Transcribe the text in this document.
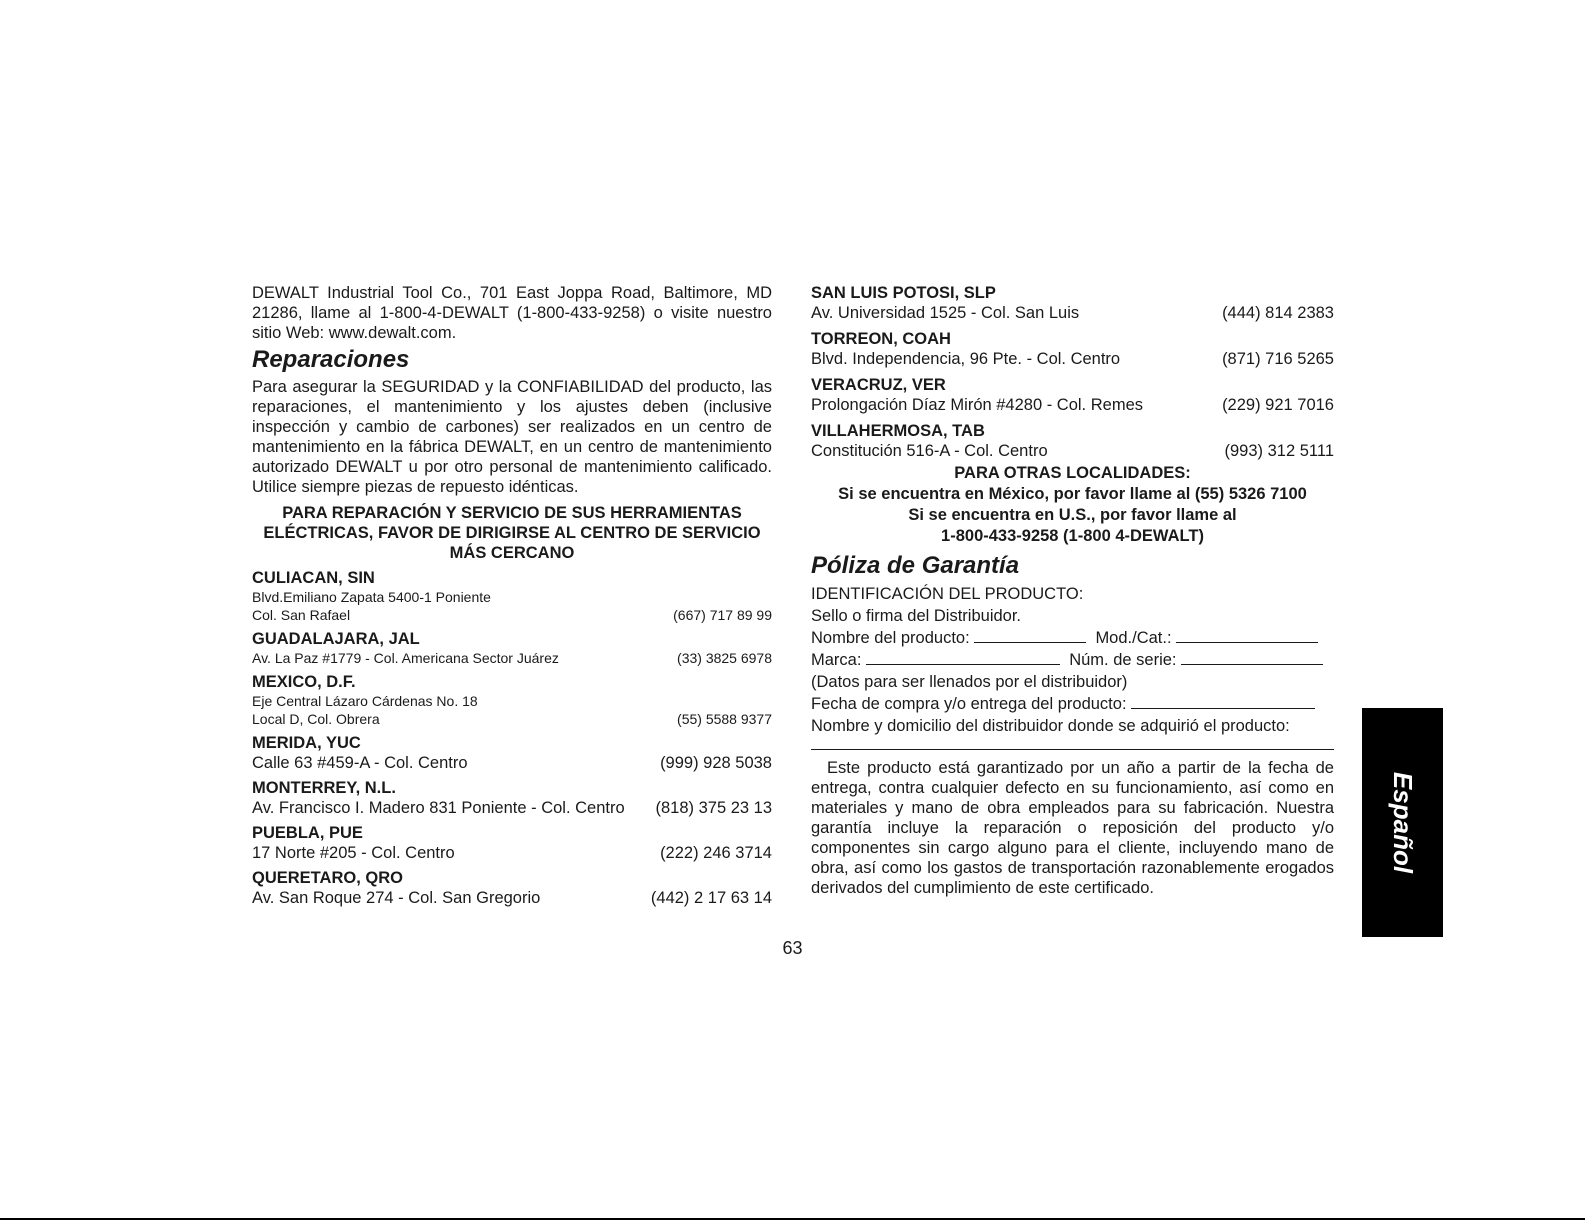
DEWALT Industrial Tool Co., 701 East Joppa Road, Baltimore, MD 21286, llame al 1-800-4-DEWALT (1-800-433-9258) o visite nuestro sitio Web: www.dewalt.com.

Reparaciones

Para asegurar la SEGURIDAD y la CONFIABILIDAD del producto, las reparaciones, el mantenimiento y los ajustes deben (inclusive inspección y cambio de carbones) ser realizados en un centro de mantenimiento en la fábrica DEWALT, en un centro de mantenimiento autorizado DEWALT u por otro personal de mantenimiento calificado. Utilice siempre piezas de repuesto idénticas.

PARA REPARACIÓN Y SERVICIO DE SUS HERRAMIENTAS ELÉCTRICAS, FAVOR DE DIRIGIRSE AL CENTRO DE SERVICIO MÁS CERCANO
CULIACAN, SIN
Blvd.Emiliano Zapata 5400-1 Poniente
Col. San Rafael	(667) 717 89 99
GUADALAJARA, JAL
Av. La Paz #1779 - Col. Americana Sector Juárez	(33) 3825 6978
MEXICO, D.F.
Eje Central Lázaro Cárdenas No. 18
Local D, Col. Obrera	(55) 5588 9377
MERIDA, YUC
Calle 63 #459-A - Col. Centro	(999) 928 5038
MONTERREY, N.L.
Av. Francisco I. Madero 831 Poniente - Col. Centro	(818) 375 23 13
PUEBLA, PUE
17 Norte #205 - Col. Centro	(222) 246 3714
QUERETARO, QRO
Av. San Roque 274 - Col. San Gregorio	(442) 2 17 63 14
SAN LUIS POTOSI, SLP
Av. Universidad 1525 - Col. San Luis	(444) 814 2383
TORREON, COAH
Blvd. Independencia, 96 Pte. - Col. Centro	(871) 716 5265
VERACRUZ, VER
Prolongación Díaz Mirón #4280 - Col. Remes	(229) 921 7016
VILLAHERMOSA, TAB
Constitución 516-A - Col. Centro	(993) 312 5111
PARA OTRAS LOCALIDADES:
Si se encuentra en México, por favor llame al (55) 5326 7100
Si se encuentra en U.S., por favor llame al
1-800-433-9258 (1-800 4-DEWALT)
Póliza de Garantía
IDENTIFICACIÓN DEL PRODUCTO:
Sello o firma del Distribuidor.
Nombre del producto:	Mod./Cat.:
Marca:	Núm. de serie:
(Datos para ser llenados por el distribuidor)
Fecha de compra y/o entrega del producto:
Nombre y domicilio del distribuidor donde se adquirió el producto:

Este producto está garantizado por un año a partir de la fecha de entrega, contra cualquier defecto en su funcionamiento, así como en materiales y mano de obra empleados para su fabricación. Nuestra garantía incluye la reparación o reposición del producto y/o componentes sin cargo alguno para el cliente, incluyendo mano de obra, así como los gastos de transportación razonablemente erogados derivados del cumplimiento de este certificado.

63
Español
